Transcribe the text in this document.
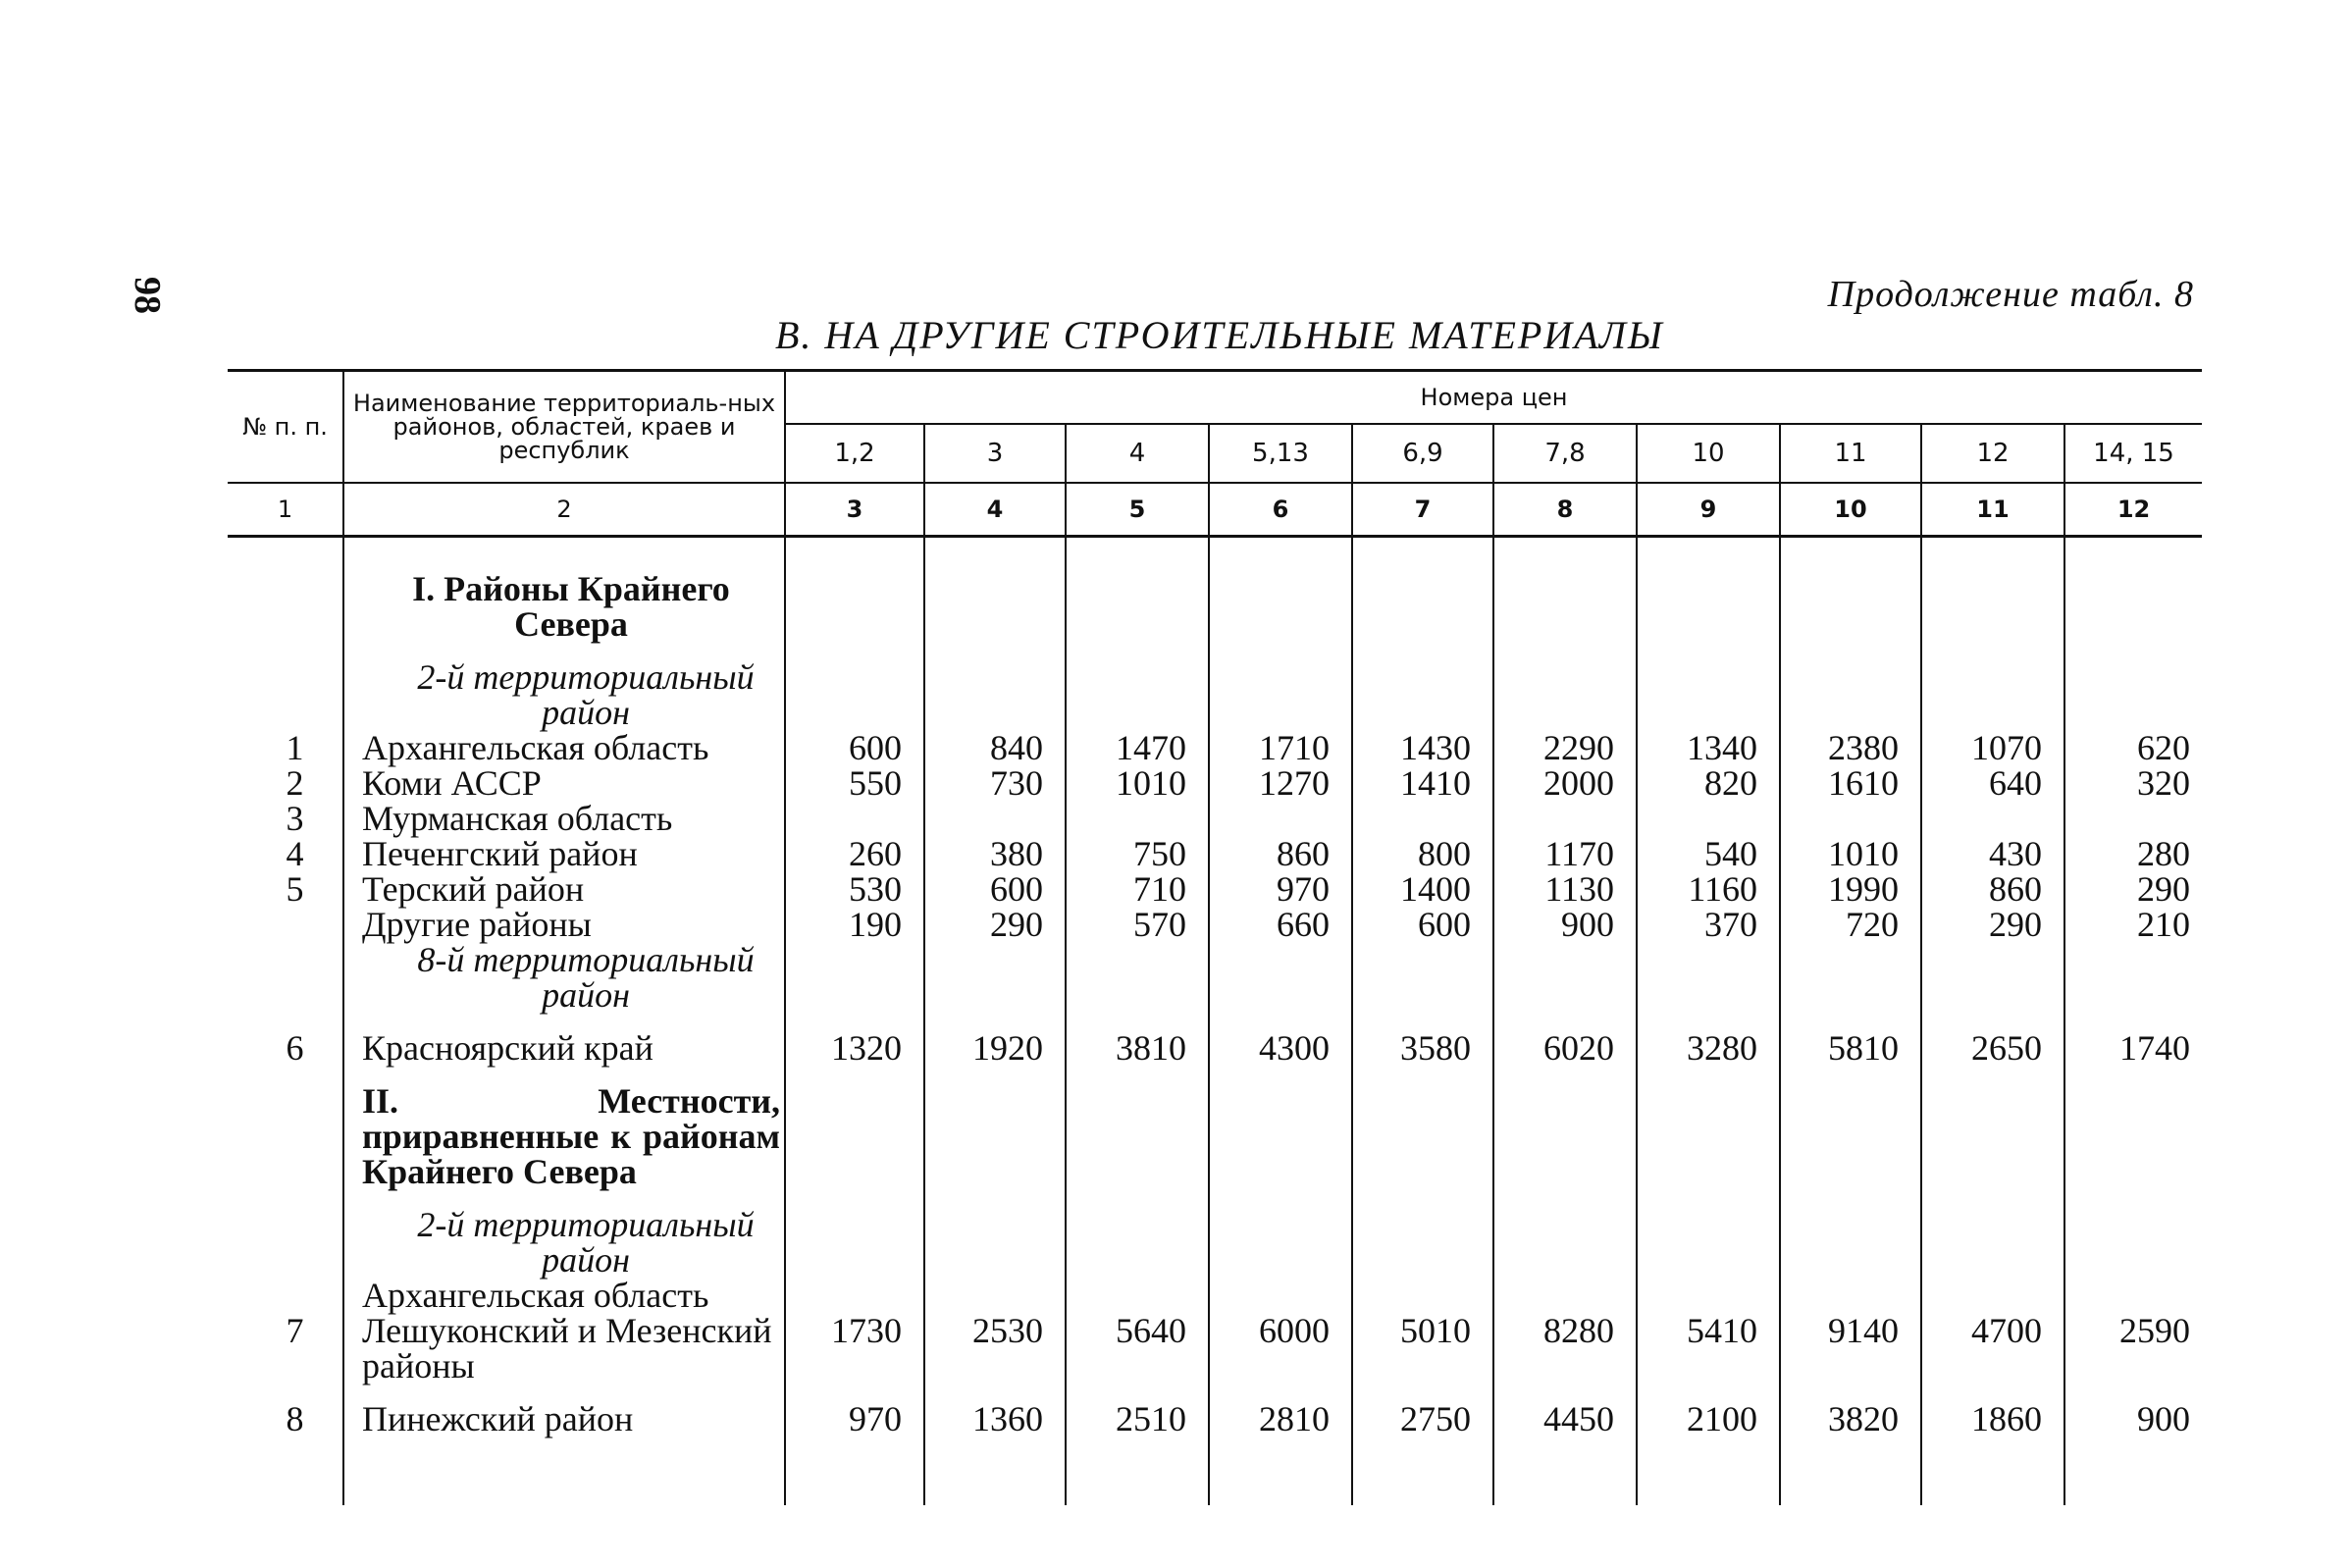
98	Продолжение табл. 8
В. НА ДРУГИЕ СТРОИТЕЛЬНЫЕ МАТЕРИАЛЫ
№ п. п.	Наименование территориаль-ных районов, областей, краев и республик	Номера цен									
		1,2	3	4	5,13	6,9	7,8	10	11	12	14, 15
1	2	3	4	5	6	7	8	9	10	11	12

	I. Районы Крайнего Севера										

	2-й территориальный район										

1	Архангельская область	600	840	1470	1710	1430	2290	1340	2380	1070	620
2	Коми АССР	550	730	1010	1270	1410	2000	820	1610	640	320
3	Мурманская область										
4	Печенгский район	260	380	750	860	800	1170	540	1010	430	280
5	Терский район	530	600	710	970	1400	1130	1160	1990	860	290
	Другие районы	190	290	570	660	600	900	370	720	290	210

	8-й территориальный район										

6	Красноярский край	1320	1920	3810	4300	3580	6020	3280	5810	2650	1740

	II. Местности, приравненные к районам Крайнего Севера										

	2-й территориальный район										

	Архангельская область										
7	Лешуконский и Мезенский районы	1730	2530	5640	6000	5010	8280	5410	9140	4700	2590

8	Пинежский район	970	1360	2510	2810	2750	4450	2100	3820	1860	900
